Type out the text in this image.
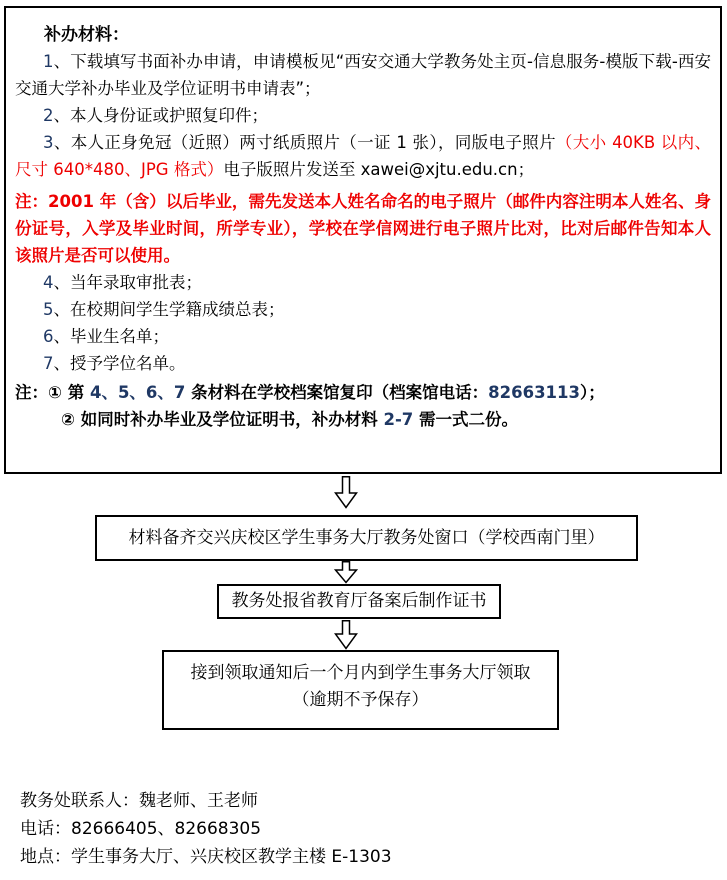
补办材料：

1、下载填写书面补办申请，申请模板见“西安交通大学教务处主页-信息服务-模版下载-西安交通大学补办毕业及学位证明书申请表”；

2、本人身份证或护照复印件；

3、本人正身免冠（近照）两寸纸质照片（一证 1 张），同版电子照片（大小 40KB 以内、尺寸 640*480、JPG 格式）电子版照片发送至 xawei@xjtu.edu.cn；

注：2001 年（含）以后毕业，需先发送本人姓名命名的电子照片（邮件内容注明本人姓名、身份证号，入学及毕业时间，所学专业），学校在学信网进行电子照片比对，比对后邮件告知本人该照片是否可以使用。

4、当年录取审批表；

5、在校期间学生学籍成绩总表；

6、毕业生名单；

7、授予学位名单。

注：① 第 4、5、6、7 条材料在学校档案馆复印（档案馆电话：82663113）；

② 如同时补办毕业及学位证明书，补办材料 2-7 需一式二份。

材料备齐交兴庆校区学生事务大厅教务处窗口（学校西南门里）
教务处报省教育厅备案后制作证书
接到领取通知后一个月内到学生事务大厅领取
（逾期不予保存）

教务处联系人：魏老师、王老师

电话：82666405、82668305

地点：学生事务大厅、兴庆校区教学主楼 E-1303
